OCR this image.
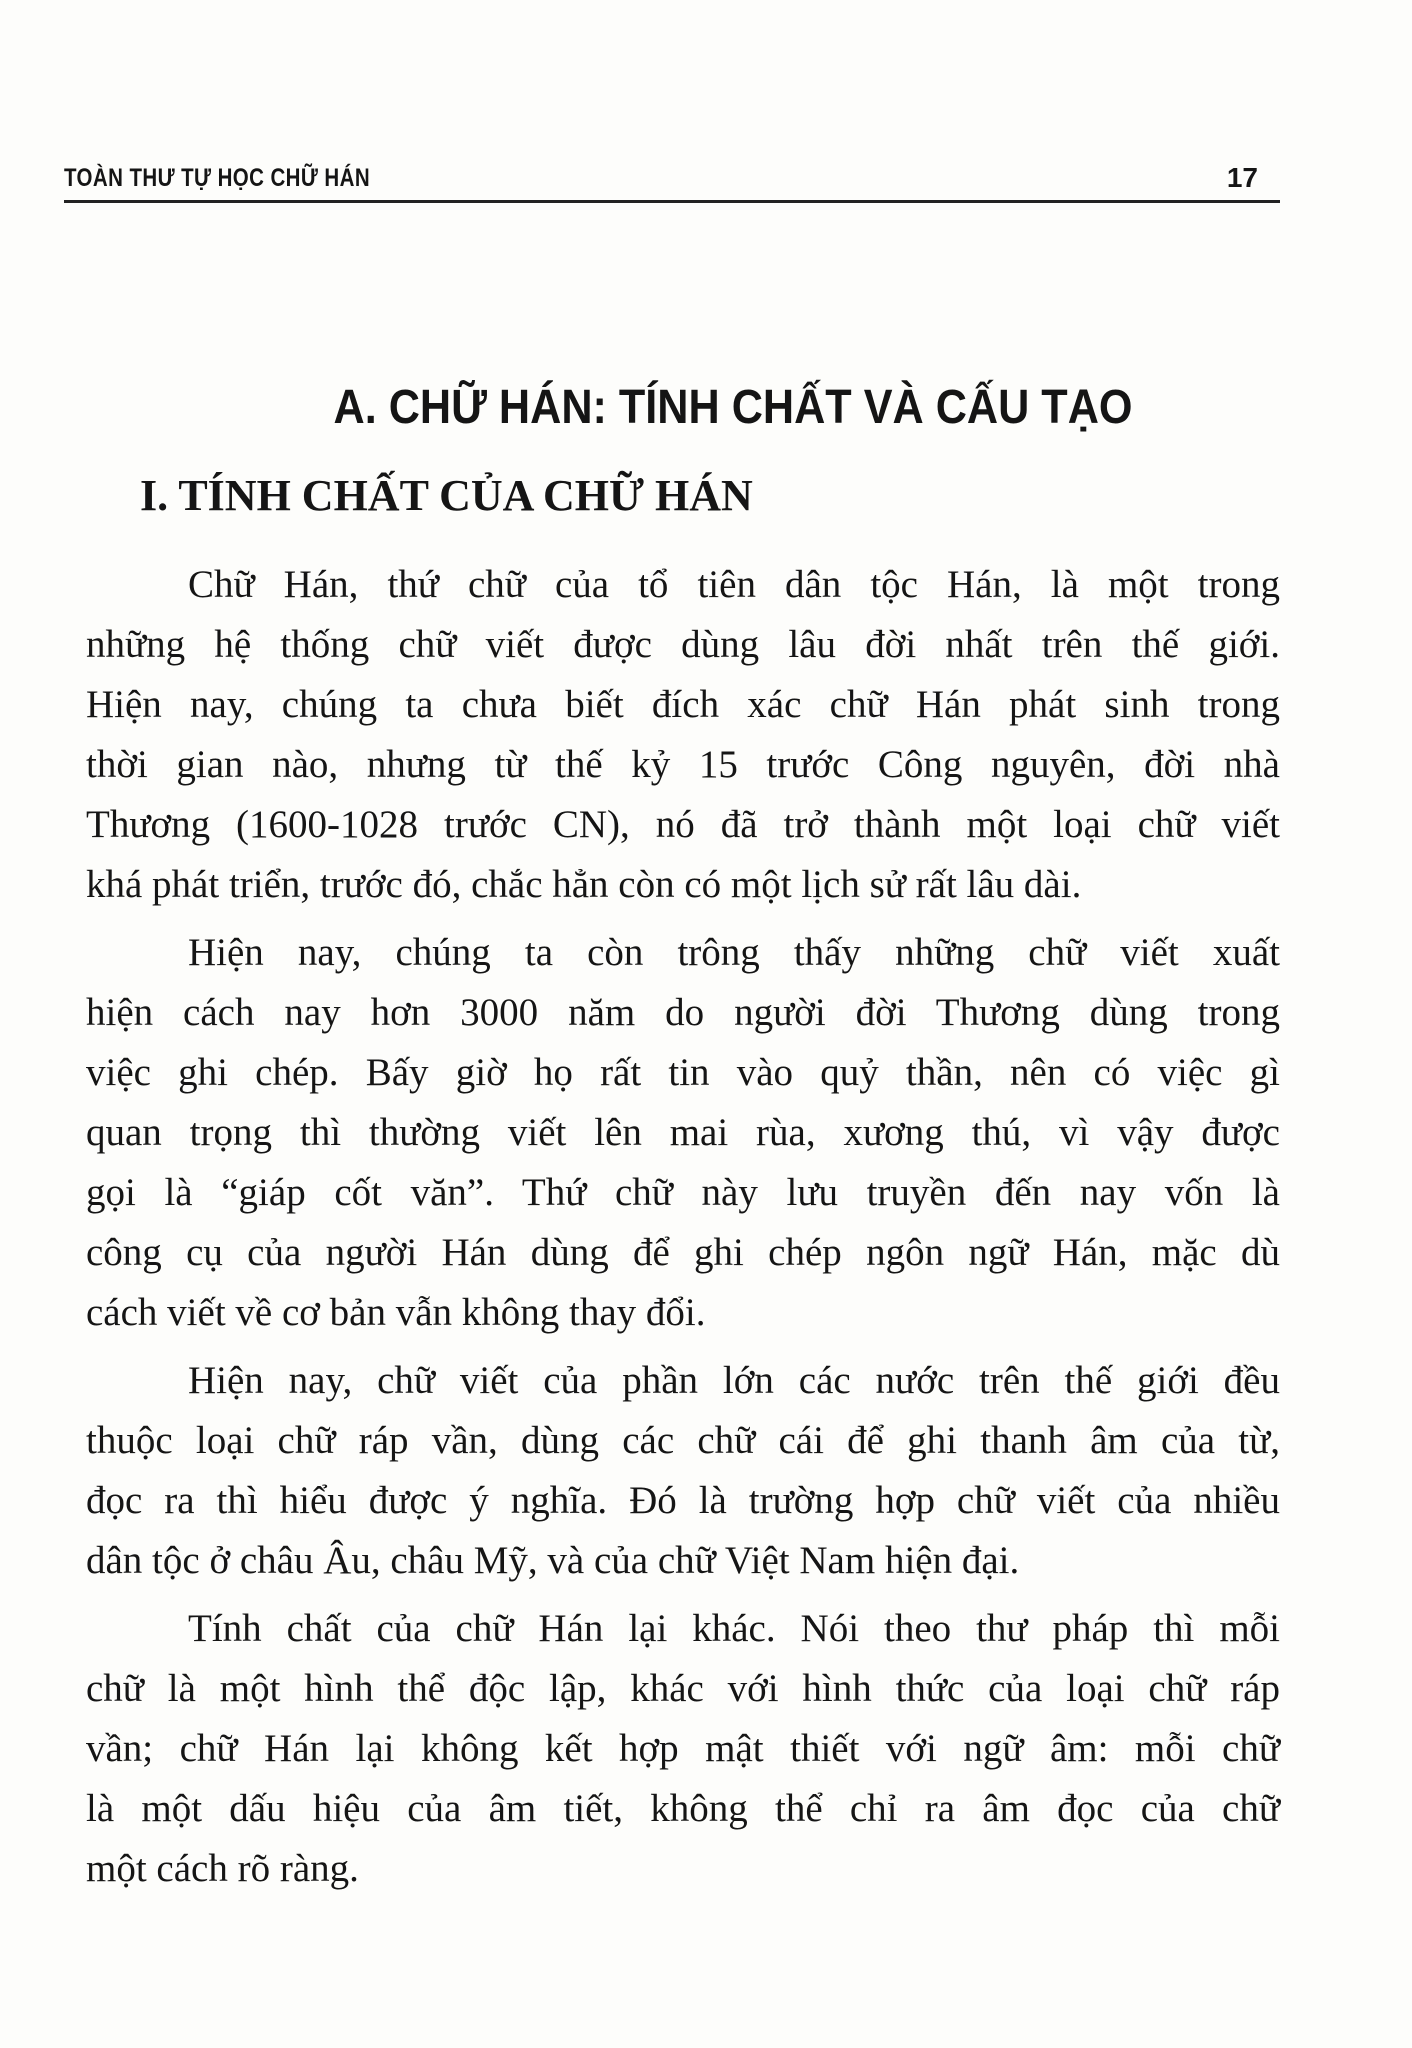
TOÀN THƯ TỰ HỌC CHỮ HÁN	17
A. CHỮ HÁN: TÍNH CHẤT VÀ CẤU TẠO
I. TÍNH CHẤT CỦA CHỮ HÁN
Chữ Hán, thứ chữ của tổ tiên dân tộc Hán, là một trong
những hệ thống chữ viết được dùng lâu đời nhất trên thế giới.
Hiện nay, chúng ta chưa biết đích xác chữ Hán phát sinh trong
thời gian nào, nhưng từ thế kỷ 15 trước Công nguyên, đời nhà
Thương (1600-1028 trước CN), nó đã trở thành một loại chữ viết
khá phát triển, trước đó, chắc hẳn còn có một lịch sử rất lâu dài.
Hiện nay, chúng ta còn trông thấy những chữ viết xuất
hiện cách nay hơn 3000 năm do người đời Thương dùng trong
việc ghi chép. Bấy giờ họ rất tin vào quỷ thần, nên có việc gì
quan trọng thì thường viết lên mai rùa, xương thú, vì vậy được
gọi là “giáp cốt văn”. Thứ chữ này lưu truyền đến nay vốn là
công cụ của người Hán dùng để ghi chép ngôn ngữ Hán, mặc dù
cách viết về cơ bản vẫn không thay đổi.
Hiện nay, chữ viết của phần lớn các nước trên thế giới đều
thuộc loại chữ ráp vần, dùng các chữ cái để ghi thanh âm của từ,
đọc ra thì hiểu được ý nghĩa. Đó là trường hợp chữ viết của nhiều
dân tộc ở châu Âu, châu Mỹ, và của chữ Việt Nam hiện đại.
Tính chất của chữ Hán lại khác. Nói theo thư pháp thì mỗi
chữ là một hình thể độc lập, khác với hình thức của loại chữ ráp
vần; chữ Hán lại không kết hợp mật thiết với ngữ âm: mỗi chữ
là một dấu hiệu của âm tiết, không thể chỉ ra âm đọc của chữ
một cách rõ ràng.
